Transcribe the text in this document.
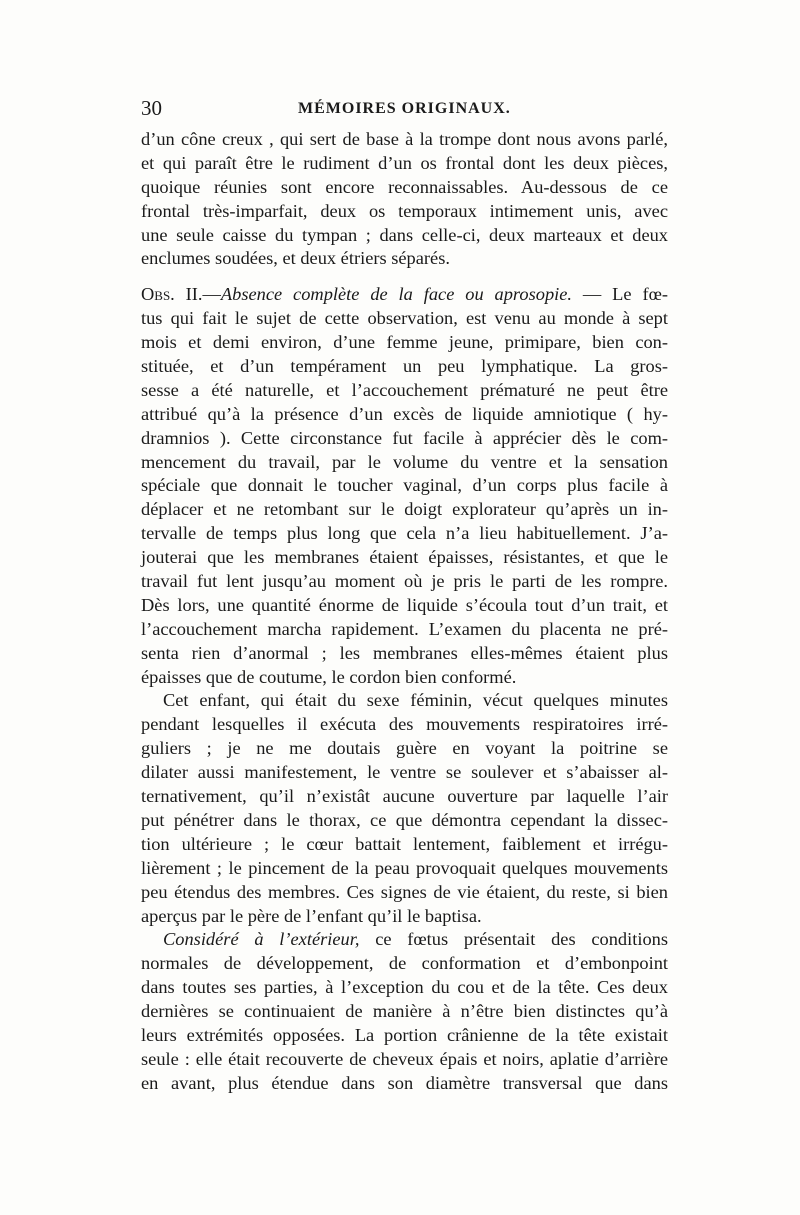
30	MÉMOIRES ORIGINAUX.
d’un cône creux , qui sert de base à la trompe dont nous avons parlé,
et qui paraît être le rudiment d’un os frontal dont les deux pièces,
quoique réunies sont encore reconnaissables. Au-dessous de ce
frontal très-imparfait, deux os temporaux intimement unis, avec
une seule caisse du tympan ; dans celle-ci, deux marteaux et deux
enclumes soudées, et deux étriers séparés.
Obs. II.—Absence complète de la face ou aprosopie. — Le fœ-
tus qui fait le sujet de cette observation, est venu au monde à sept
mois et demi environ, d’une femme jeune, primipare, bien con-
stituée, et d’un tempérament un peu lymphatique. La gros-
sesse a été naturelle, et l’accouchement prématuré ne peut être
attribué qu’à la présence d’un excès de liquide amniotique ( hy-
dramnios ). Cette circonstance fut facile à apprécier dès le com-
mencement du travail, par le volume du ventre et la sensation
spéciale que donnait le toucher vaginal, d’un corps plus facile à
déplacer et ne retombant sur le doigt explorateur qu’après un in-
tervalle de temps plus long que cela n’a lieu habituellement. J’a-
jouterai que les membranes étaient épaisses, résistantes, et que le
travail fut lent jusqu’au moment où je pris le parti de les rompre.
Dès lors, une quantité énorme de liquide s’écoula tout d’un trait, et
l’accouchement marcha rapidement. L’examen du placenta ne pré-
senta rien d’anormal ; les membranes elles-mêmes étaient plus
épaisses que de coutume, le cordon bien conformé.
Cet enfant, qui était du sexe féminin, vécut quelques minutes
pendant lesquelles il exécuta des mouvements respiratoires irré-
guliers ; je ne me doutais guère en voyant la poitrine se
dilater aussi manifestement, le ventre se soulever et s’abaisser al-
ternativement, qu’il n’existât aucune ouverture par laquelle l’air
put pénétrer dans le thorax, ce que démontra cependant la dissec-
tion ultérieure ; le cœur battait lentement, faiblement et irrégu-
lièrement ; le pincement de la peau provoquait quelques mouvements
peu étendus des membres. Ces signes de vie étaient, du reste, si bien
aperçus par le père de l’enfant qu’il le baptisa.
Considéré à l’extérieur, ce fœtus présentait des conditions
normales de développement, de conformation et d’embonpoint
dans toutes ses parties, à l’exception du cou et de la tête. Ces deux
dernières se continuaient de manière à n’être bien distinctes qu’à
leurs extrémités opposées. La portion crânienne de la tête existait
seule : elle était recouverte de cheveux épais et noirs, aplatie d’arrière
en avant, plus étendue dans son diamètre transversal que dans
